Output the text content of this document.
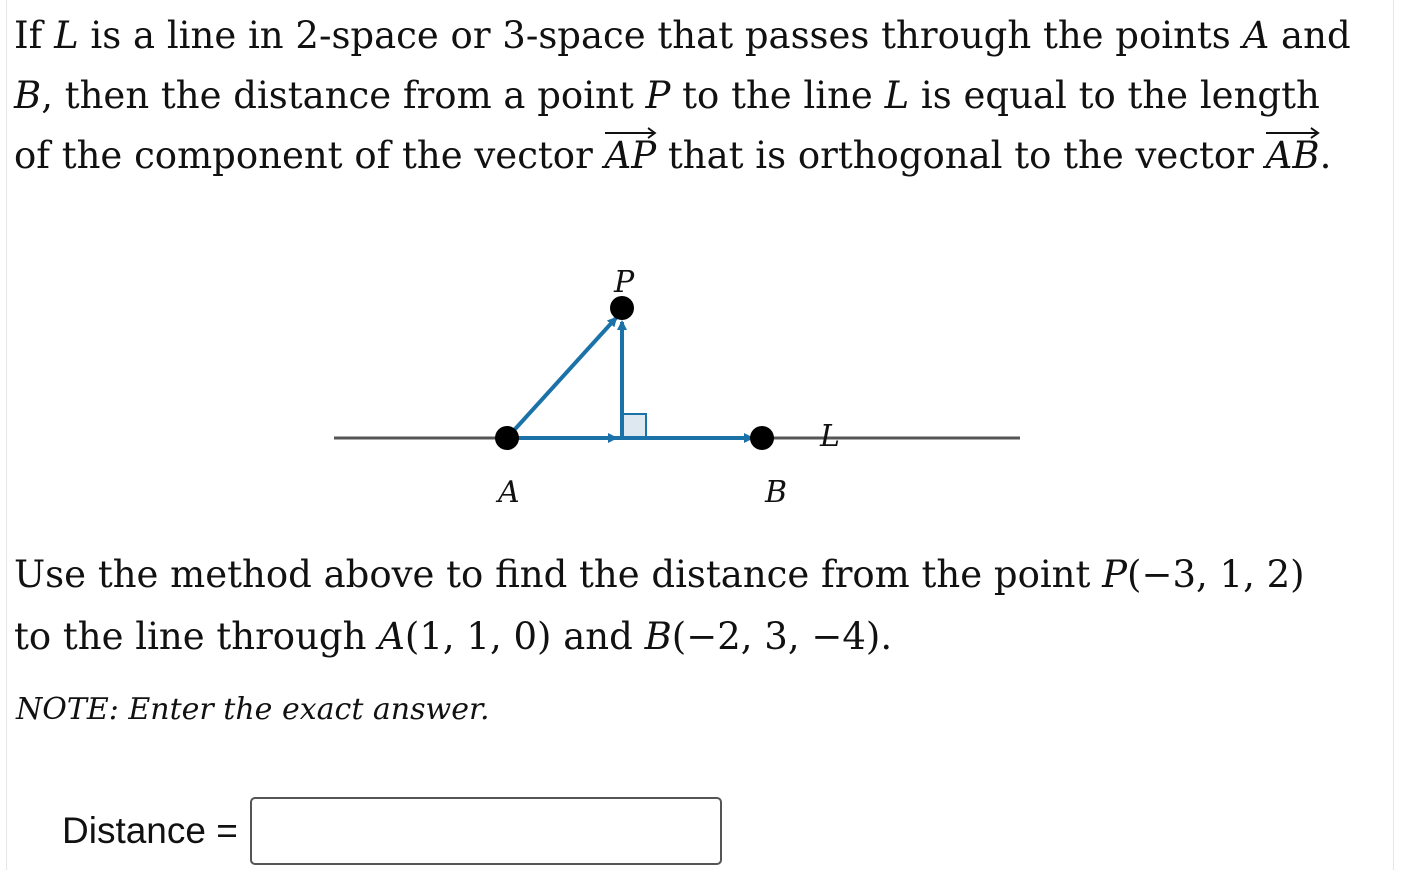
If L is a line in 2-space or 3-space that passes through the points A and
B, then the distance from a point P to the line L is equal to the length
of the component of the vector
AP that is orthogonal to the vector
AB.
P
A	B
L
Use the method above to find the distance from the point P(−3, 1, 2)
to the line through A(1, 1, 0) and B(−2, 3, −4).
NOTE: Enter the exact answer.
Distance =
